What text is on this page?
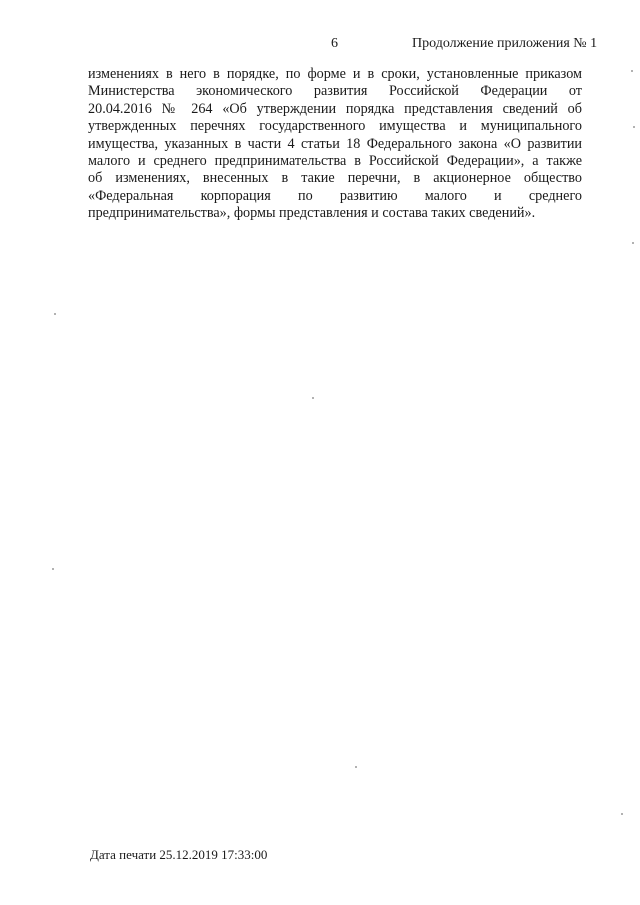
6	Продолжение приложения № 1
изменениях в него в порядке, по форме и в сроки, установленные приказом
Министерства экономического развития Российской Федерации от
20.04.2016 № 264 «Об утверждении порядка представления сведений об
утвержденных перечнях государственного имущества и муниципального
имущества, указанных в части 4 статьи 18 Федерального закона «О развитии
малого и среднего предпринимательства в Российской Федерации», а также
об изменениях, внесенных в такие перечни, в акционерное общество
«Федеральная корпорация по развитию малого и среднего
предпринимательства», формы представления и состава таких сведений».
Дата печати 25.12.2019 17:33:00
